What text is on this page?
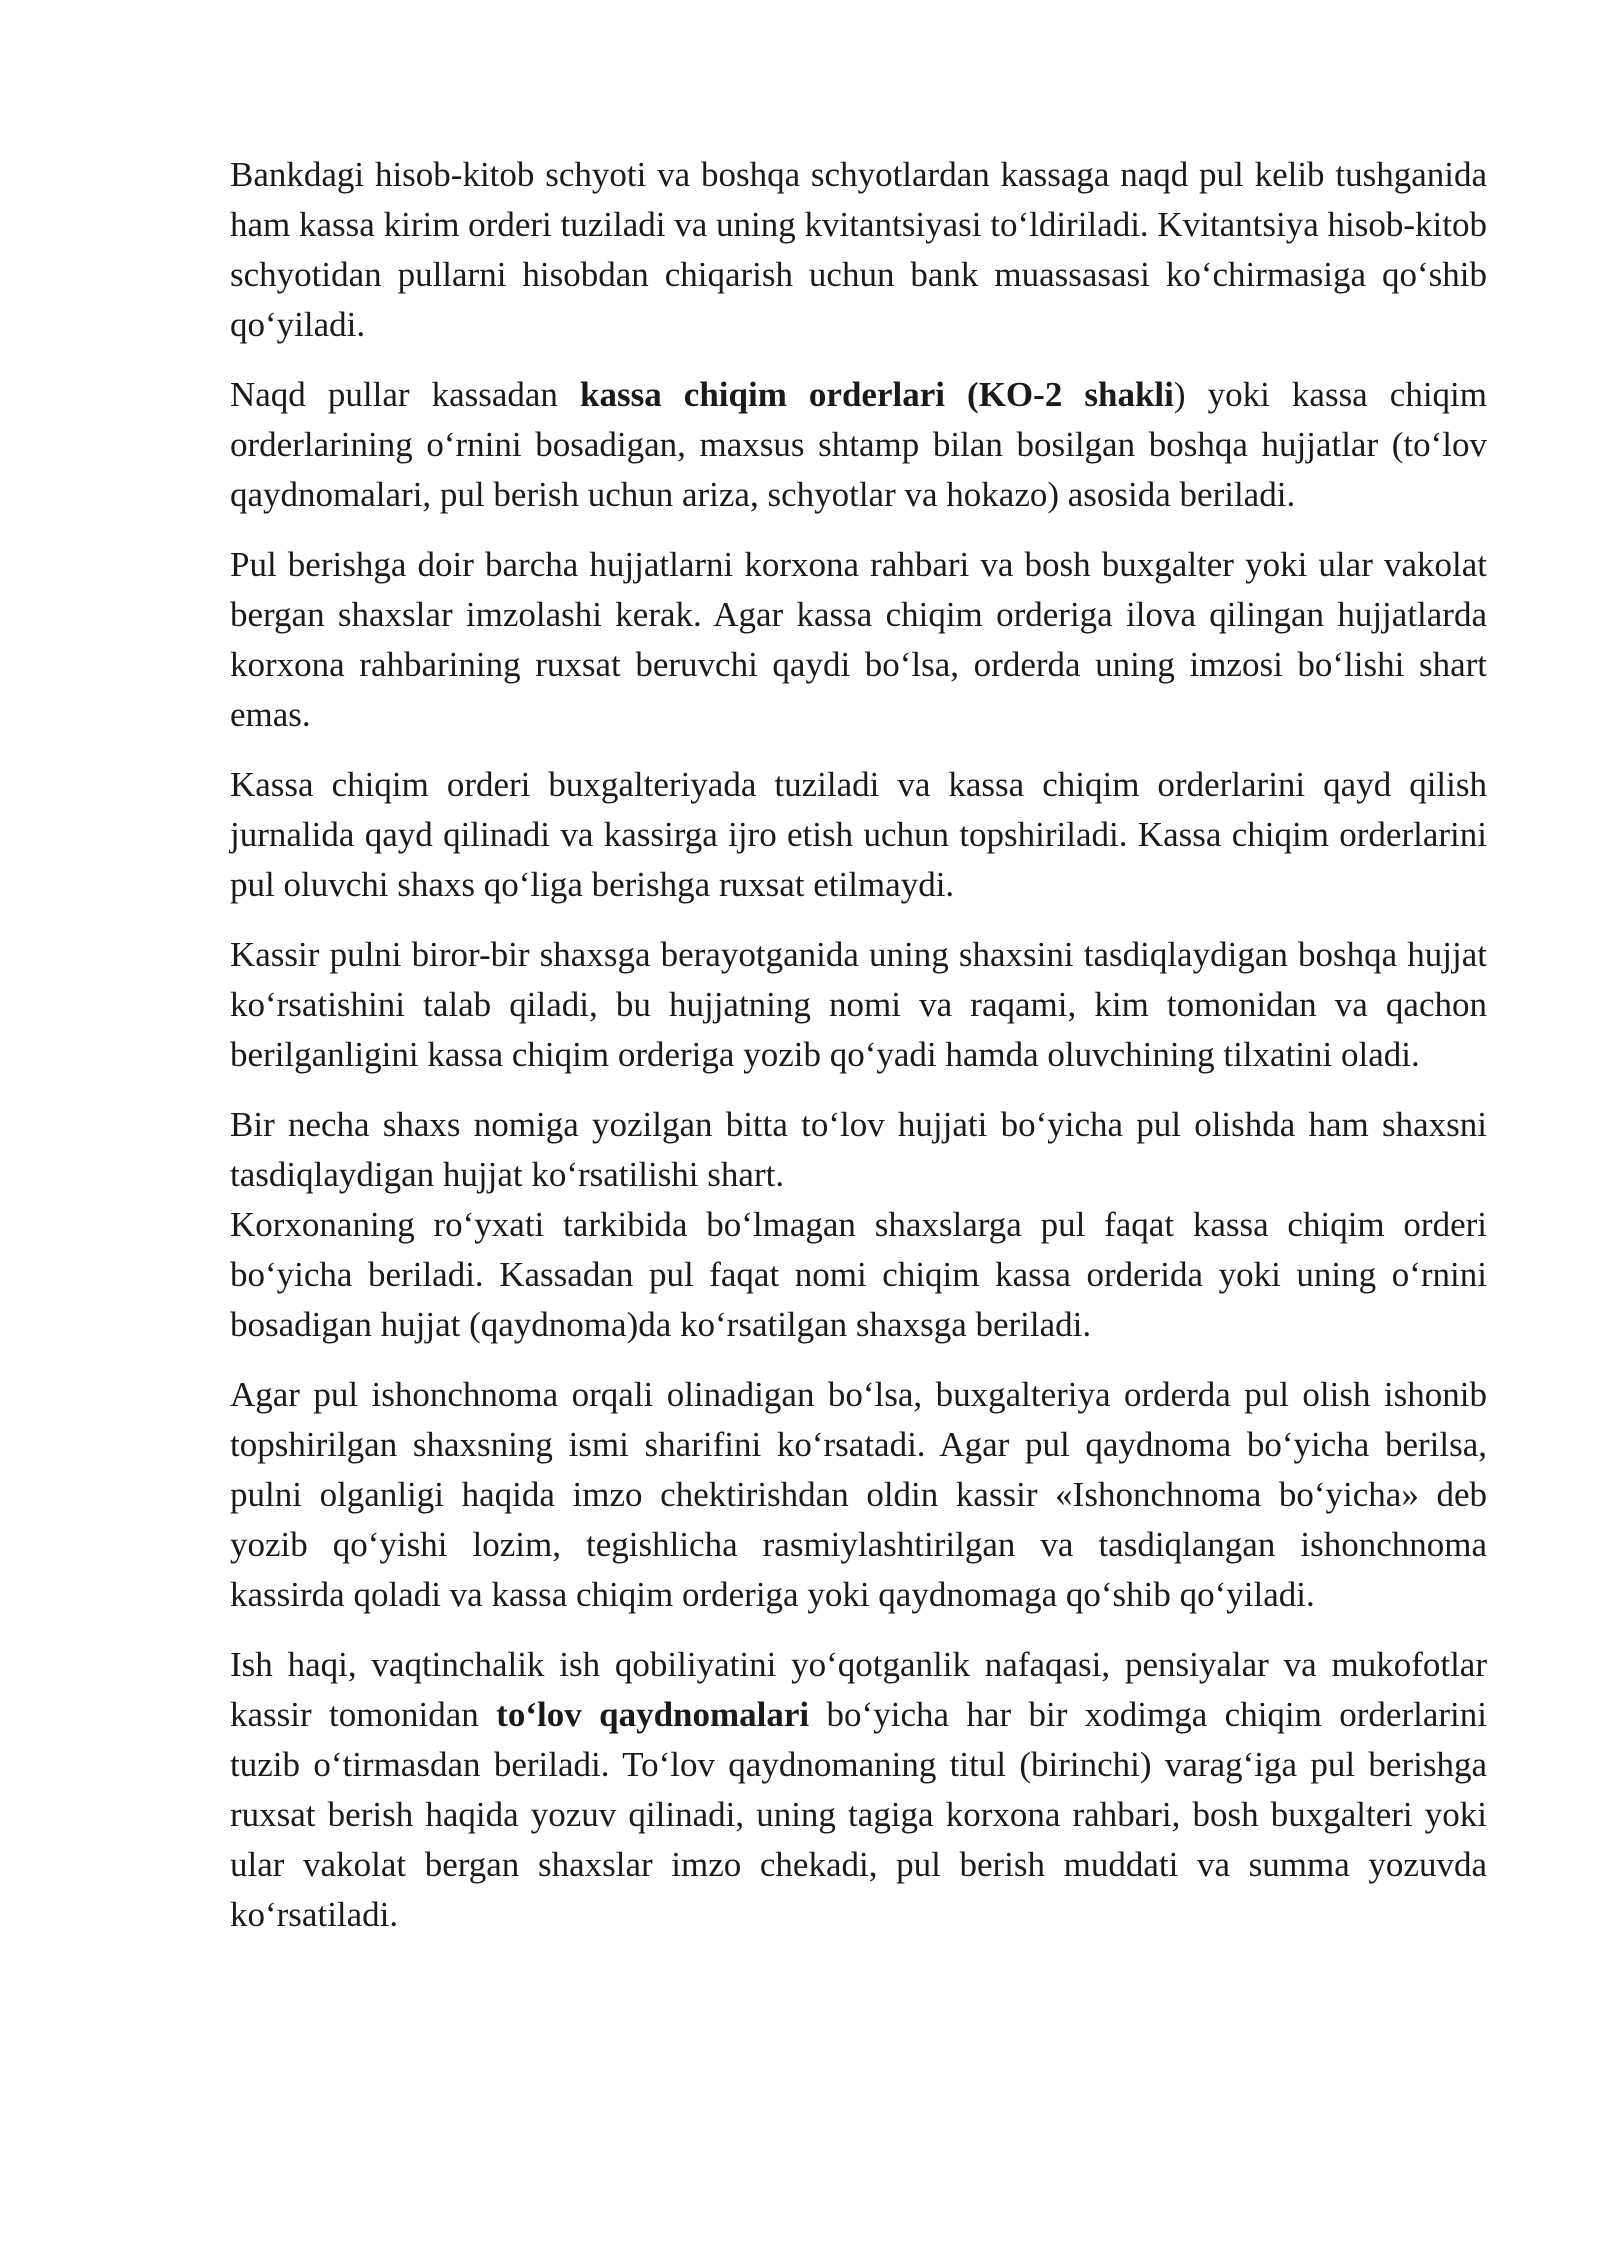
Bankdagi hisob-kitob schyoti va boshqa schyotlardan kassaga naqd pul kelib tushganida ham kassa kirim orderi tuziladi va uning kvitantsiyasi to‘ldiriladi. Kvitantsiya hisob-kitob schyotidan pullarni hisobdan chiqarish uchun bank muassasasi ko‘chirmasiga qo‘shib qo‘yiladi.

Naqd pullar kassadan kassa chiqim orderlari (KO-2 shakli) yoki kassa chiqim orderlarining o‘rnini bosadigan, maxsus shtamp bilan bosilgan boshqa hujjatlar (to‘lov qaydnomalari, pul berish uchun ariza, schyotlar va hokazo) asosida beriladi.

Pul berishga doir barcha hujjatlarni korxona rahbari va bosh buxgalter yoki ular vakolat bergan shaxslar imzolashi kerak. Agar kassa chiqim orderiga ilova qilingan hujjatlarda korxona rahbarining ruxsat beruvchi qaydi bo‘lsa, orderda uning imzosi bo‘lishi shart emas.

Kassa chiqim orderi buxgalteriyada tuziladi va kassa chiqim orderlarini qayd qilish jurnalida qayd qilinadi va kassirga ijro etish uchun topshiriladi. Kassa chiqim orderlarini pul oluvchi shaxs qo‘liga berishga ruxsat etilmaydi.

Kassir pulni biror-bir shaxsga berayotganida uning shaxsini tasdiqlaydigan boshqa hujjat ko‘rsatishini talab qiladi, bu hujjatning nomi va raqami, kim tomonidan va qachon berilganligini kassa chiqim orderiga yozib qo‘yadi hamda oluvchining tilxatini oladi.

Bir necha shaxs nomiga yozilgan bitta to‘lov hujjati bo‘yicha pul olishda ham shaxsni tasdiqlaydigan hujjat ko‘rsatilishi shart.

Korxonaning ro‘yxati tarkibida bo‘lmagan shaxslarga pul faqat kassa chiqim orderi bo‘yicha beriladi. Kassadan pul faqat nomi chiqim kassa orderida yoki uning o‘rnini bosadigan hujjat (qaydnoma)da ko‘rsatilgan shaxsga beriladi.

Agar pul ishonchnoma orqali olinadigan bo‘lsa, buxgalteriya orderda pul olish ishonib topshirilgan shaxsning ismi sharifini ko‘rsatadi. Agar pul qaydnoma bo‘yicha berilsa, pulni olganligi haqida imzo chektirishdan oldin kassir «Ishonchnoma bo‘yicha» deb yozib qo‘yishi lozim, tegishlicha rasmiylashtirilgan va tasdiqlangan ishonchnoma kassirda qoladi va kassa chiqim orderiga yoki qaydnomaga qo‘shib qo‘yiladi.

Ish haqi, vaqtinchalik ish qobiliyatini yo‘qotganlik nafaqasi, pensiyalar va mukofotlar kassir tomonidan to‘lov qaydnomalari bo‘yicha har bir xodimga chiqim orderlarini tuzib o‘tirmasdan beriladi. To‘lov qaydnomaning titul (birinchi) varag‘iga pul berishga ruxsat berish haqida yozuv qilinadi, uning tagiga korxona rahbari, bosh buxgalteri yoki ular vakolat bergan shaxslar imzo chekadi, pul berish muddati va summa yozuvda ko‘rsatiladi.
